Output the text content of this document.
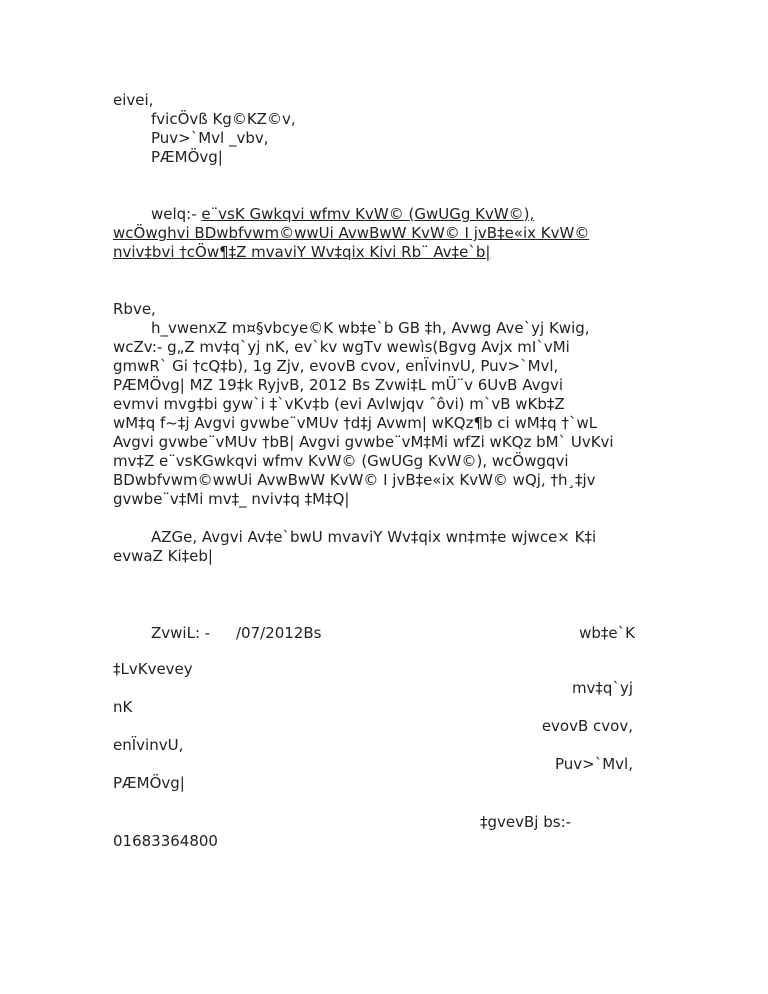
eivei,
fvicÖvß Kg©KZ©v,
Puv>`Mvl _vbv,
PÆMÖvg|
welq:- e¨vsK Gwkqvi wfmv KvW© (GwUGg KvW©),
wcÖwghvi BDwbfvwm©wwUi AvwBwW KvW© I jvB‡e«ix KvW©
nviv‡bvi †cÖw¶‡Z mvaviY Wv‡qix Kivi Rb¨ Av‡e`b|
Rbve,
h_vwenxZ m¤§vbcye©K wb‡e`b GB ‡h, Avwg Ave`yj Kwig,
wcZv:- g„Z mv‡q`yj nK, ev`kv wgTv wewìs(Bgvg Avjx mI`vMi
gmwR` Gi †cQ‡b), 1g Zjv, evovB cvov, enÏvinvU, Puv>`Mvl,
PÆMÖvg| MZ 19‡k RyjvB, 2012 Bs Zvwi‡L mÜ¨v 6UvB Avgvi
evmvi mvg‡bi gyw`i ‡`vKv‡b (evi Avlwjqv ˆôvi) m`vB wKb‡Z
wM‡q f~‡j Avgvi gvwbe¨vMUv †d‡j Avwm| wKQz¶b ci wM‡q †`wL
Avgvi gvwbe¨vMUv †bB| Avgvi gvwbe¨vM‡Mi wfZi wKQz bM` UvKvi
mv‡Z e¨vsKGwkqvi wfmv KvW© (GwUGg KvW©), wcÖwgqvi
BDwbfvwm©wwUi AvwBwW KvW© I jvB‡e«ix KvW© wQj, †h¸‡jv
gvwbe¨v‡Mi mv‡_ nviv‡q ‡M‡Q|
AZGe, Avgvi Av‡e`bwU mvaviY Wv‡qix wn‡m‡e wjwce× K‡i
evwaZ Ki‡eb|
ZvwiL: - /07/2012Bs	wb‡e`K
‡LvKvevey
mv‡q`yj
nK
evovB cvov,
enÏvinvU,
Puv>`Mvl,
PÆMÖvg|
‡gvevBj bs:-
01683364800
